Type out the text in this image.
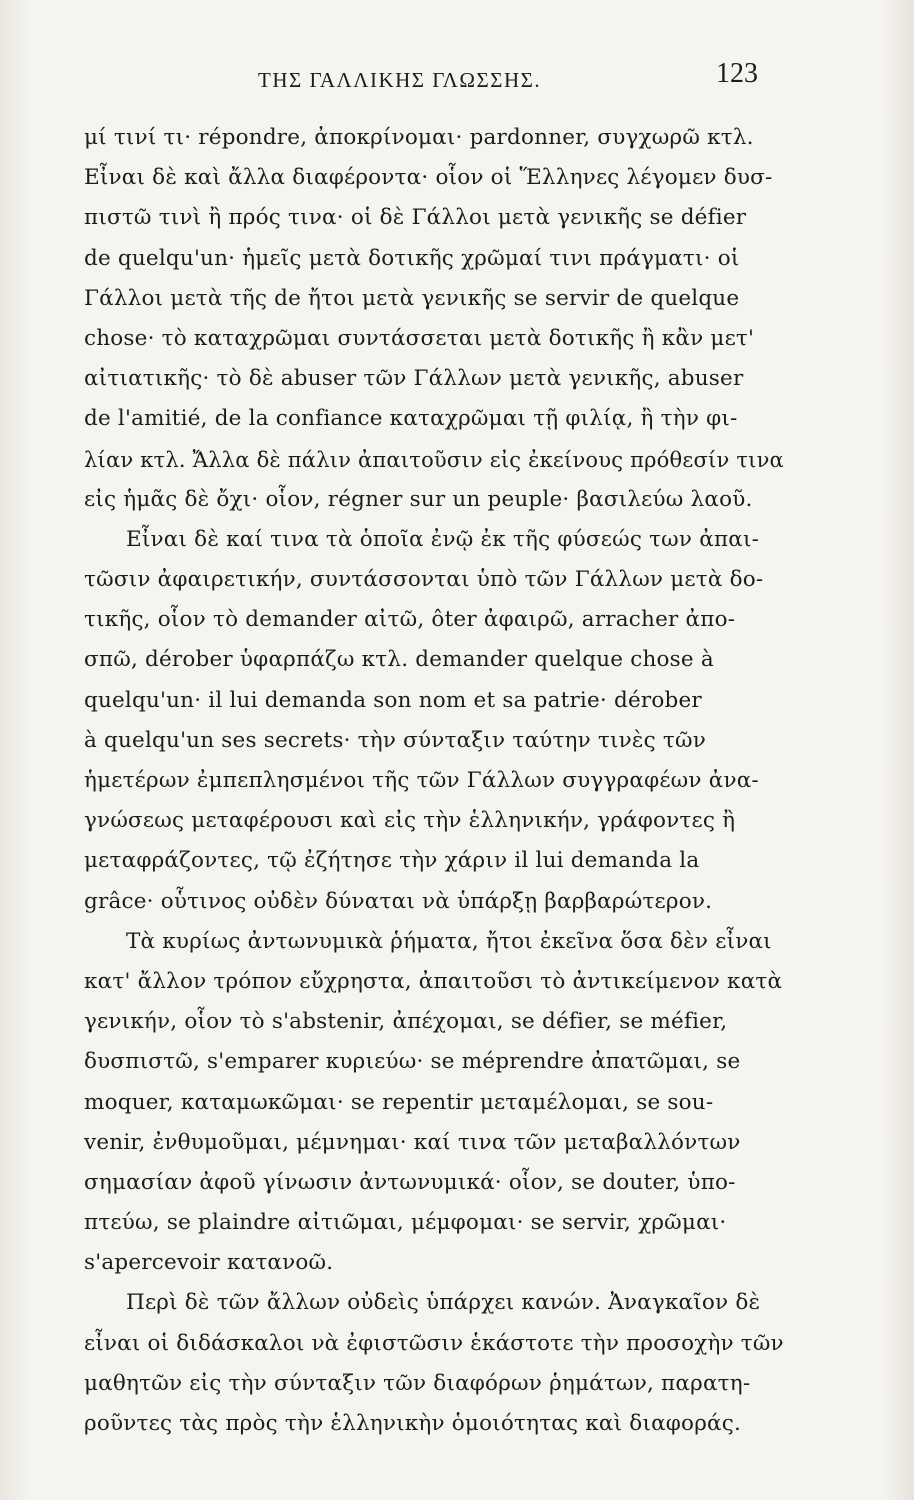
ΤΗΣ ΓΑΛΛΙΚΗΣ ΓΛΩΣΣΗΣ.	123
μί τινί τι· répondre, ἀποκρίνομαι· pardonner, συγχωρῶ κτλ.
Εἶναι δὲ καὶ ἄλλα διαφέροντα· οἷον οἱ Ἕλληνες λέγομεν δυσ-
πιστῶ τινὶ ἢ πρός τινα· οἱ δὲ Γάλλοι μετὰ γενικῆς se défier
de quelqu'un· ἡμεῖς μετὰ δοτικῆς χρῶμαί τινι πράγματι· οἱ
Γάλλοι μετὰ τῆς de ἤτοι μετὰ γενικῆς se servir de quelque
chose· τὸ καταχρῶμαι συντάσσεται μετὰ δοτικῆς ἢ κἂν μετ'
αἰτιατικῆς· τὸ δὲ abuser τῶν Γάλλων μετὰ γενικῆς, abuser
de l'amitié, de la confiance καταχρῶμαι τῇ φιλίᾳ, ἢ τὴν φι-
λίαν κτλ. Ἄλλα δὲ πάλιν ἀπαιτοῦσιν εἰς ἐκείνους πρόθεσίν τινα
εἰς ἡμᾶς δὲ ὄχι· οἷον, régner sur un peuple· βασιλεύω λαοῦ.
Εἶναι δὲ καί τινα τὰ ὁποῖα ἐνῷ ἐκ τῆς φύσεώς των ἀπαι-
τῶσιν ἀφαιρετικήν, συντάσσονται ὑπὸ τῶν Γάλλων μετὰ δο-
τικῆς, οἷον τὸ demander αἰτῶ, ôter ἀφαιρῶ, arracher ἀπο-
σπῶ, dérober ὑφαρπάζω κτλ. demander quelque chose à
quelqu'un· il lui demanda son nom et sa patrie· dérober
à quelqu'un ses secrets· τὴν σύνταξιν ταύτην τινὲς τῶν
ἡμετέρων ἐμπεπλησμένοι τῆς τῶν Γάλλων συγγραφέων ἀνα-
γνώσεως μεταφέρουσι καὶ εἰς τὴν ἑλληνικήν, γράφοντες ἢ
μεταφράζοντες, τῷ ἐζήτησε τὴν χάριν il lui demanda la
grâce· οὗτινος οὐδὲν δύναται νὰ ὑπάρξῃ βαρβαρώτερον.
Τὰ κυρίως ἀντωνυμικὰ ῥήματα, ἤτοι ἐκεῖνα ὅσα δὲν εἶναι
κατ' ἄλλον τρόπον εὔχρηστα, ἀπαιτοῦσι τὸ ἀντικείμενον κατὰ
γενικήν, οἷον τὸ s'abstenir, ἀπέχομαι, se défier, se méfier,
δυσπιστῶ, s'emparer κυριεύω· se méprendre ἀπατῶμαι, se
moquer, καταμωκῶμαι· se repentir μεταμέλομαι, se sou-
venir, ἐνθυμοῦμαι, μέμνημαι· καί τινα τῶν μεταβαλλόντων
σημασίαν ἀφοῦ γίνωσιν ἀντωνυμικά· οἷον, se douter, ὑπο-
πτεύω, se plaindre αἰτιῶμαι, μέμφομαι· se servir, χρῶμαι·
s'apercevoir κατανοῶ.
Περὶ δὲ τῶν ἄλλων οὐδεὶς ὑπάρχει κανών. Ἀναγκαῖον δὲ
εἶναι οἱ διδάσκαλοι νὰ ἐφιστῶσιν ἑκάστοτε τὴν προσοχὴν τῶν
μαθητῶν εἰς τὴν σύνταξιν τῶν διαφόρων ῥημάτων, παρατη-
ροῦντες τὰς πρὸς τὴν ἑλληνικὴν ὁμοιότητας καὶ διαφοράς.
